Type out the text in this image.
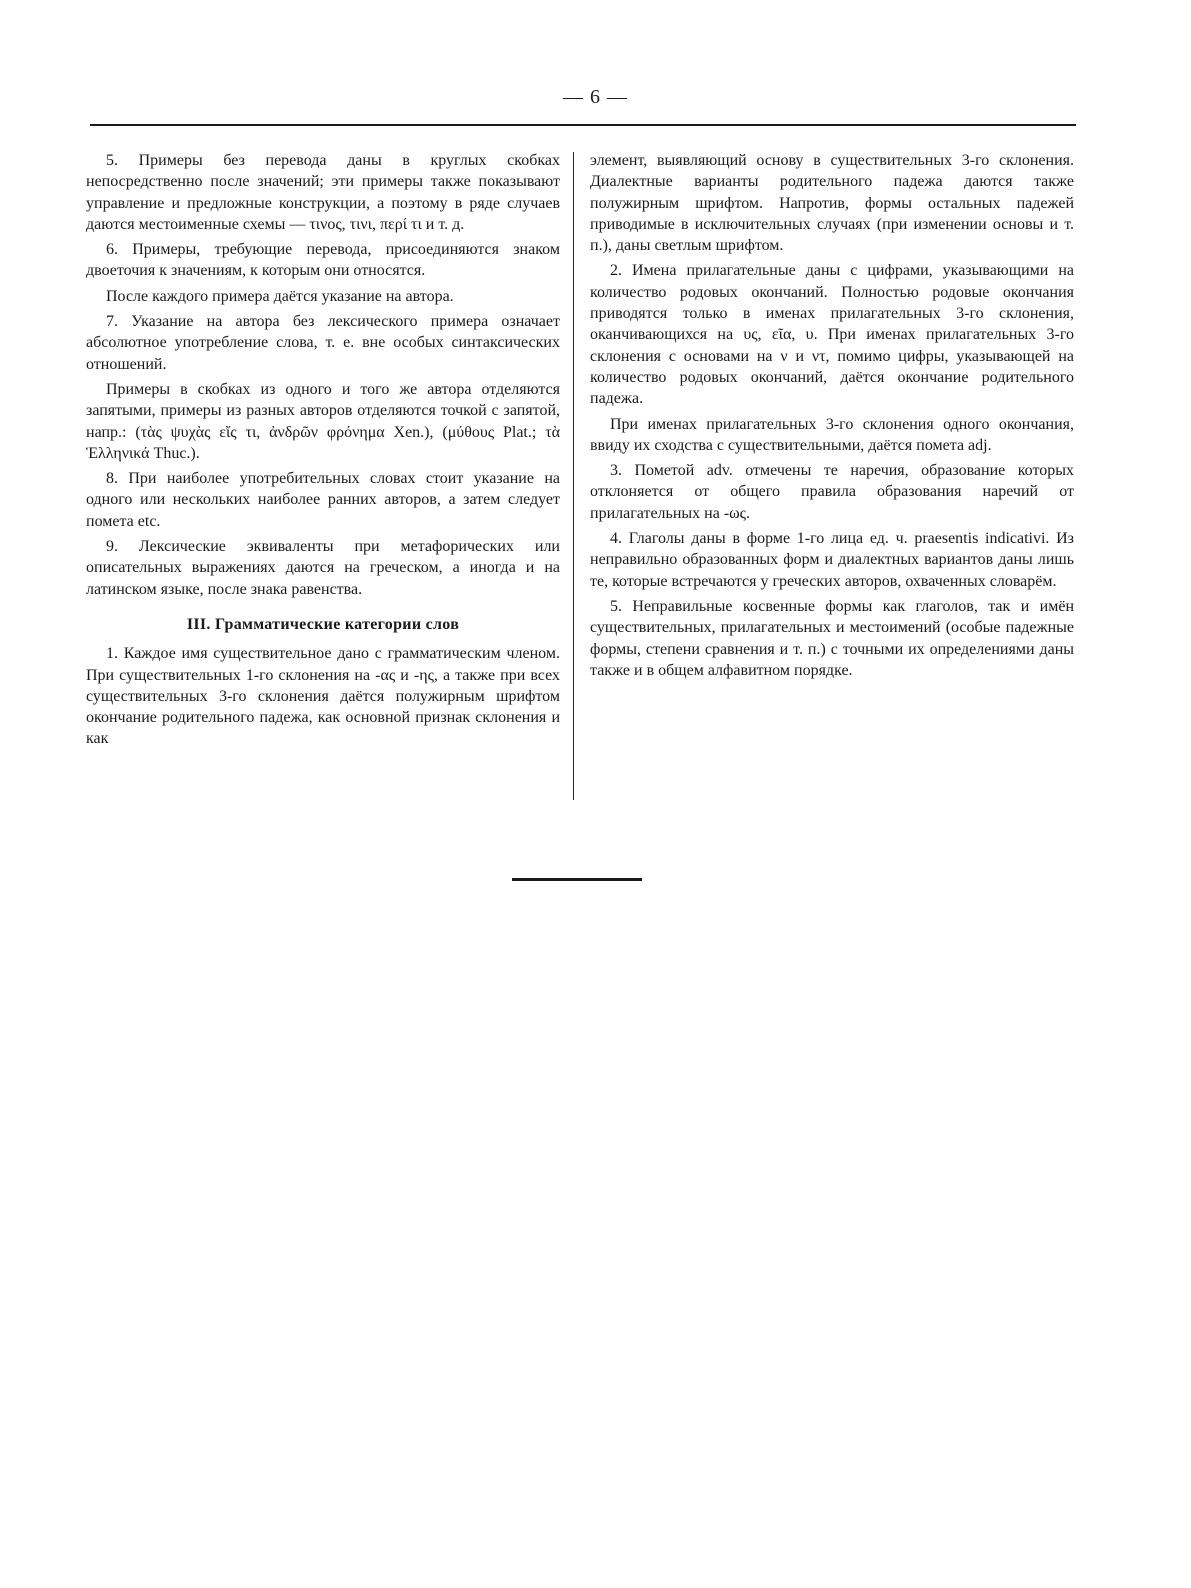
— 6 —

5. Примеры без перевода даны в круглых скобках непосредственно после значений; эти примеры также показывают управление и предложные конструкции, а поэтому в ряде случаев даются местоименные схемы — τινος, τινι, περί τι и т. д.

6. Примеры, требующие перевода, присоединяются знаком двоеточия к значениям, к которым они относятся.

После каждого примера даётся указание на автора.

7. Указание на автора без лексического примера означает абсолютное употребление слова, т. е. вне особых синтаксических отношений.

Примеры в скобках из одного и того же автора отделяются запятыми, примеры из разных авторов отделяются точкой с запятой, напр.: (τὰς ψυχὰς εἴς τι, ἀνδρῶν φρόνημα Xen.), (μύθους Plat.; τὰ Ἑλληνικά Thuc.).

8. При наиболее употребительных словах стоит указание на одного или нескольких наиболее ранних авторов, а затем следует помета etc.

9. Лексические эквиваленты при метафорических или описательных выражениях даются на греческом, а иногда и на латинском языке, после знака равенства.

III. Грамматические категории слов

1. Каждое имя существительное дано с грамматическим членом. При существительных 1-го склонения на -ας и -ης, а также при всех существительных 3-го склонения даётся полужирным шрифтом окончание родительного падежа, как основной признак склонения и как

элемент, выявляющий основу в существительных 3-го склонения. Диалектные варианты родительного падежа даются также полужирным шрифтом. Напротив, формы остальных падежей приводимые в исключительных случаях (при изменении основы и т. п.), даны светлым шрифтом.

2. Имена прилагательные даны с цифрами, указывающими на количество родовых окончаний. Полностью родовые окончания приводятся только в именах прилагательных 3-го склонения, оканчивающихся на υς, εῖα, υ. При именах прилагательных 3-го склонения с основами на ν и ντ, помимо цифры, указывающей на количество родовых окончаний, даётся окончание родительного падежа.

При именах прилагательных 3-го склонения одного окончания, ввиду их сходства с существительными, даётся помета adj.

3. Пометой adv. отмечены те наречия, образование которых отклоняется от общего правила образования наречий от прилагательных на -ως.

4. Глаголы даны в форме 1-го лица ед. ч. praesentis indicativi. Из неправильно образованных форм и диалектных вариантов даны лишь те, которые встречаются у греческих авторов, охваченных словарём.

5. Неправильные косвенные формы как глаголов, так и имён существительных, прилагательных и местоимений (особые падежные формы, степени сравнения и т. п.) с точными их определениями даны также и в общем алфавитном порядке.
